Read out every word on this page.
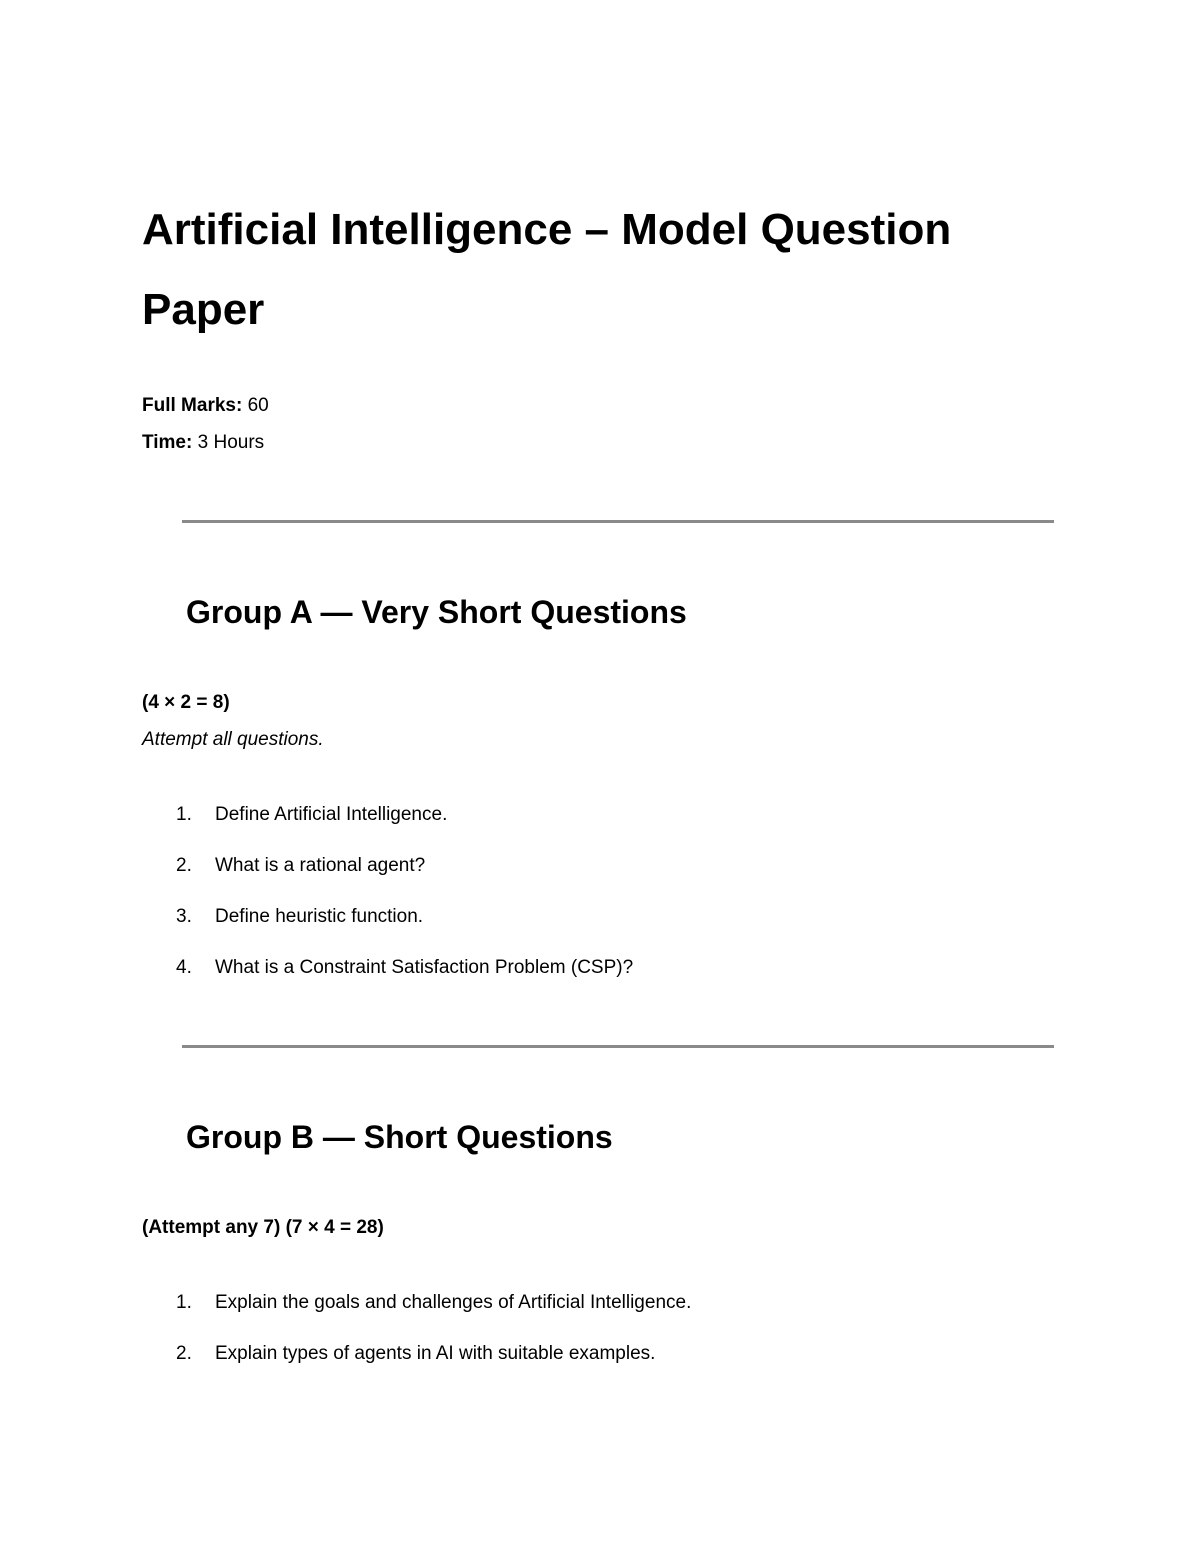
Artificial Intelligence – Model Question Paper
Full Marks: 60
Time: 3 Hours
Group A — Very Short Questions
(4 × 2 = 8)
Attempt all questions.
1. Define Artificial Intelligence.
2. What is a rational agent?
3. Define heuristic function.
4. What is a Constraint Satisfaction Problem (CSP)?
Group B — Short Questions
(Attempt any 7) (7 × 4 = 28)
1. Explain the goals and challenges of Artificial Intelligence.
2. Explain types of agents in AI with suitable examples.
